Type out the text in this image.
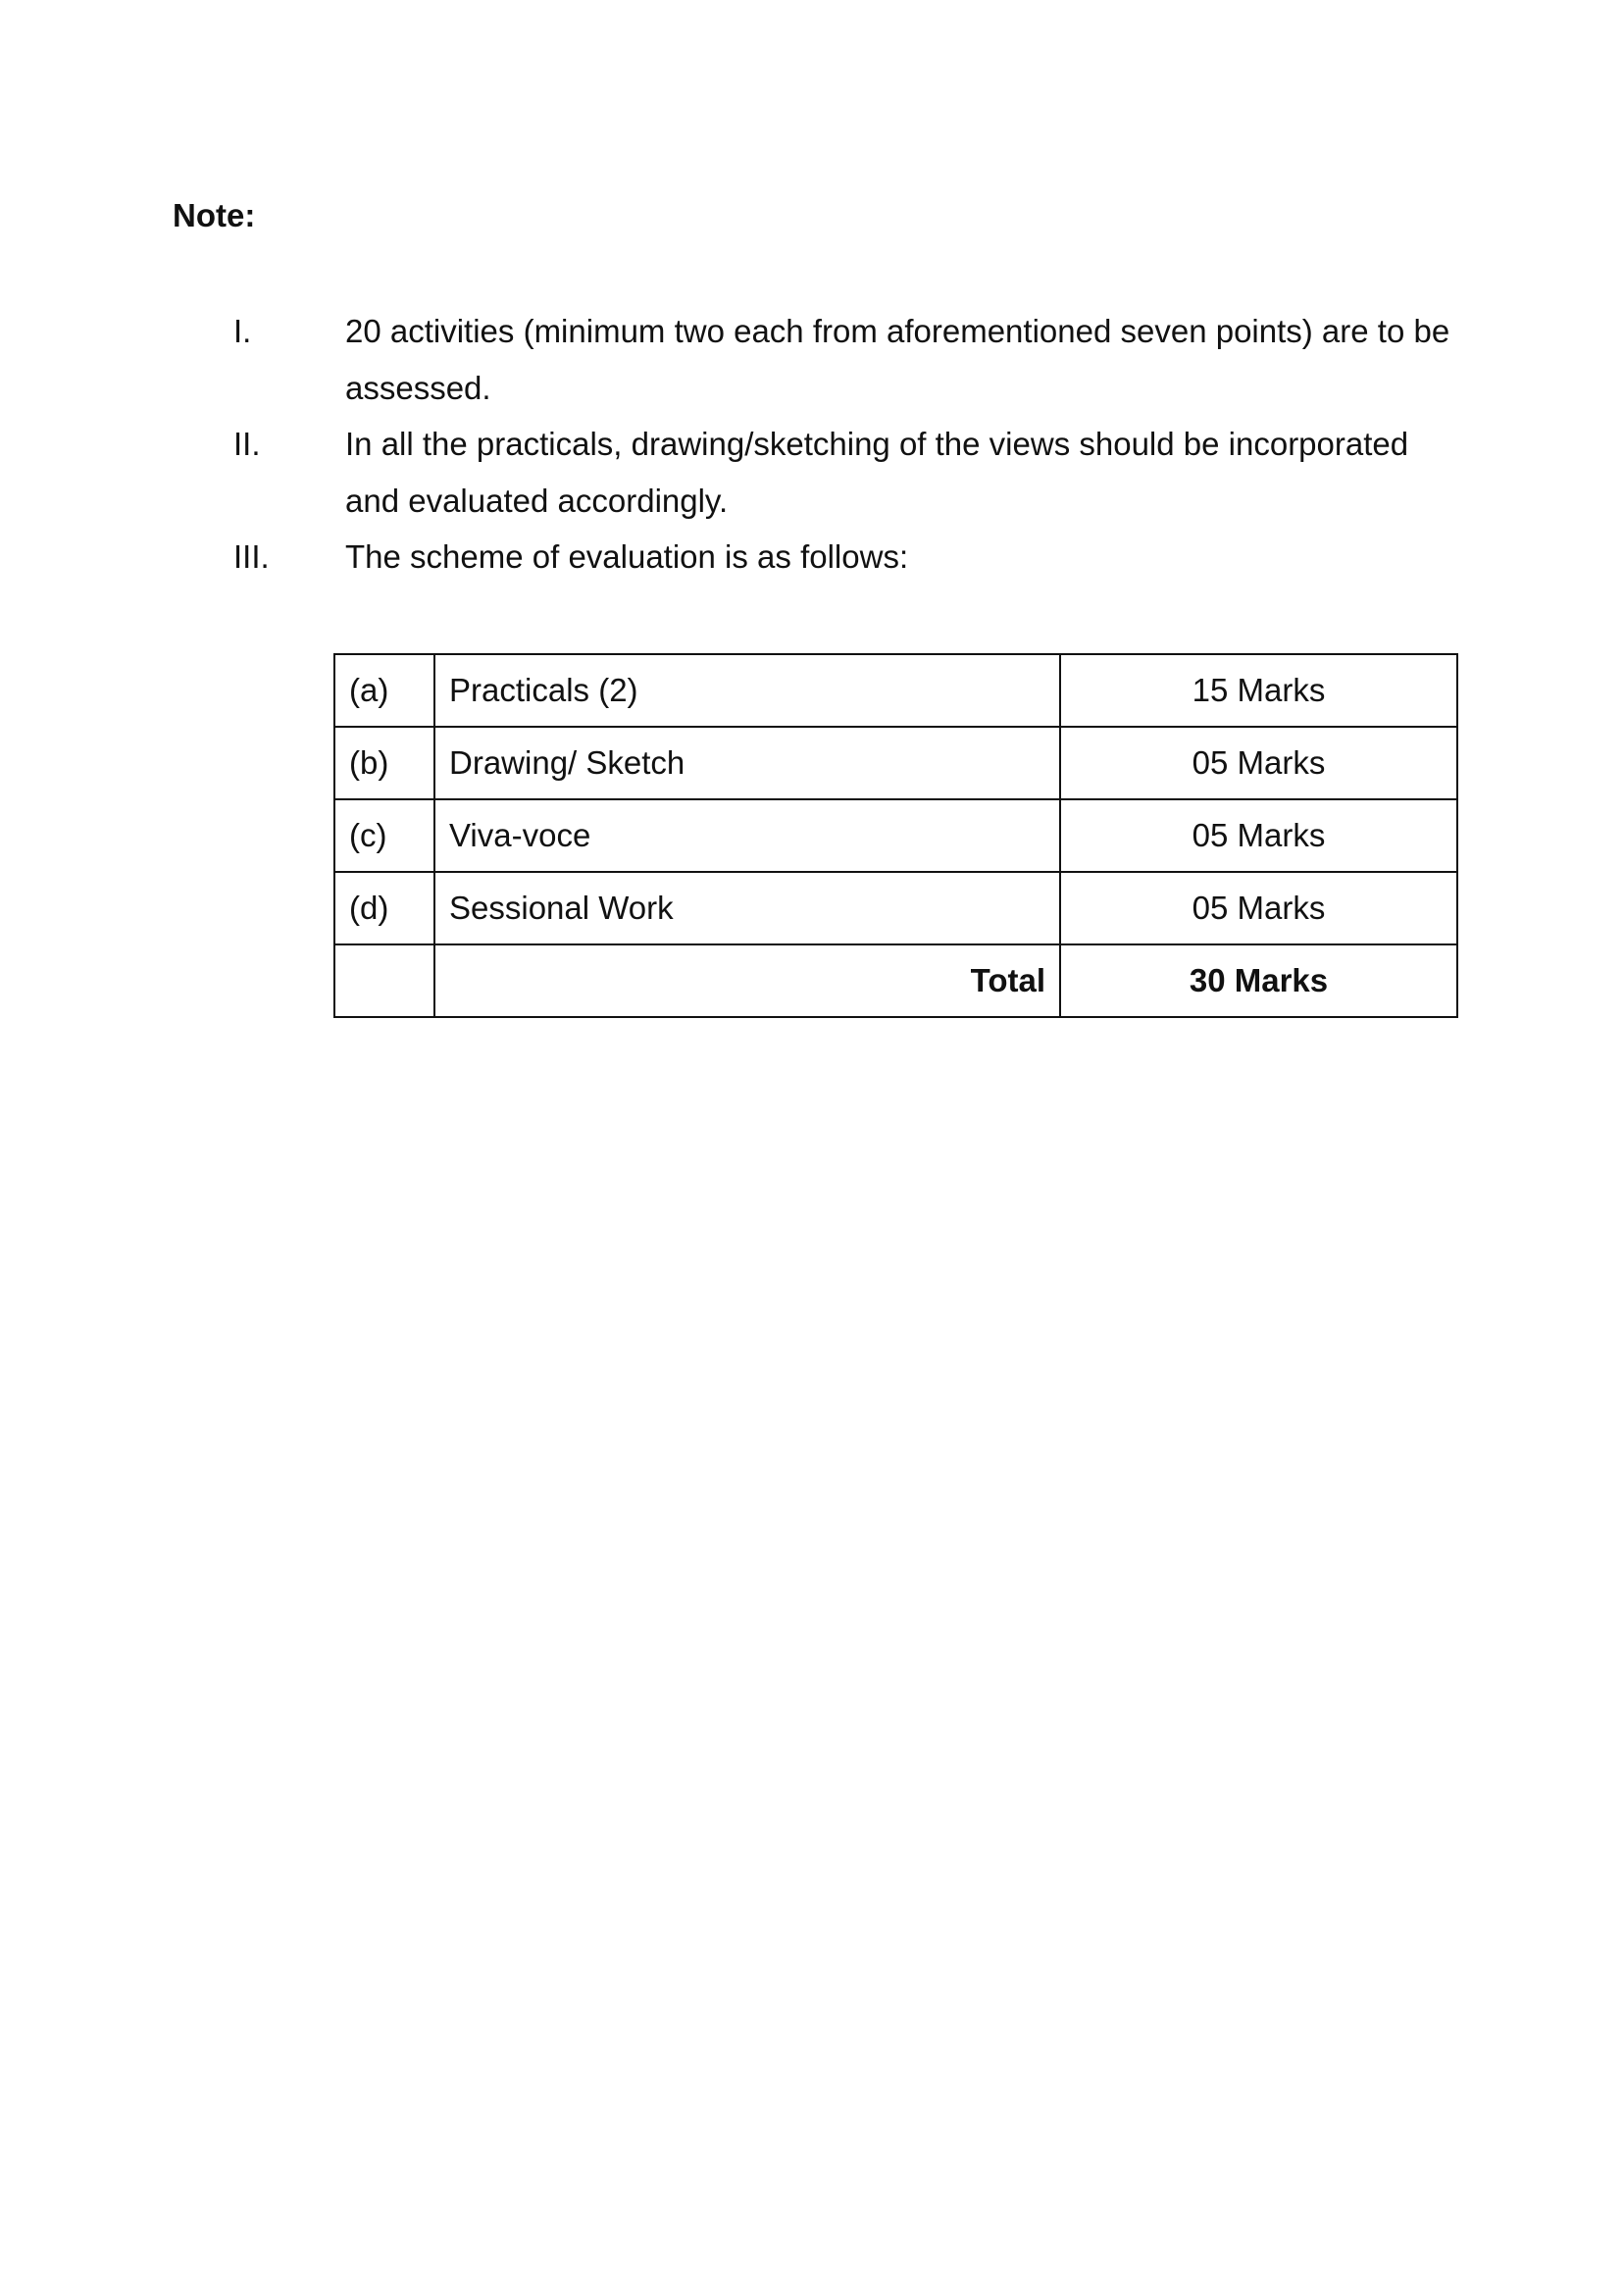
Note:
I.	20 activities (minimum two each from aforementioned seven points) are to be
assessed.
II.	In all the practicals, drawing/sketching of the views should be incorporated
and evaluated accordingly.
III.	The scheme of evaluation is as follows:
(a)	Practicals (2)	15 Marks
(b)	Drawing/ Sketch	05 Marks
(c)	Viva-voce	05 Marks
(d)	Sessional Work	05 Marks
	Total	30 Marks
